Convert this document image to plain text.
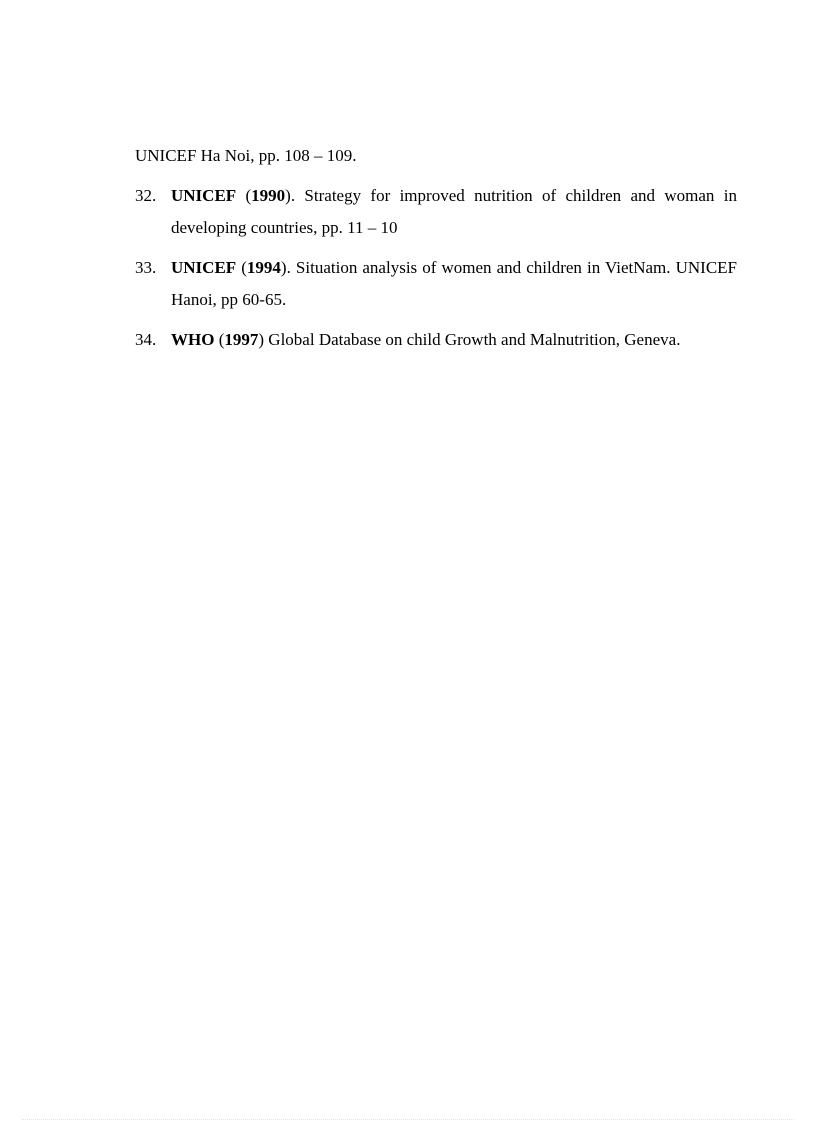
UNICEF Ha Noi, pp. 108 – 109.
32. UNICEF (1990). Strategy for improved nutrition of children and woman in developing countries, pp. 11 – 10
33. UNICEF (1994). Situation analysis of women and children in VietNam. UNICEF Hanoi, pp 60-65.
34. WHO (1997) Global Database on child Growth and Malnutrition, Geneva.
